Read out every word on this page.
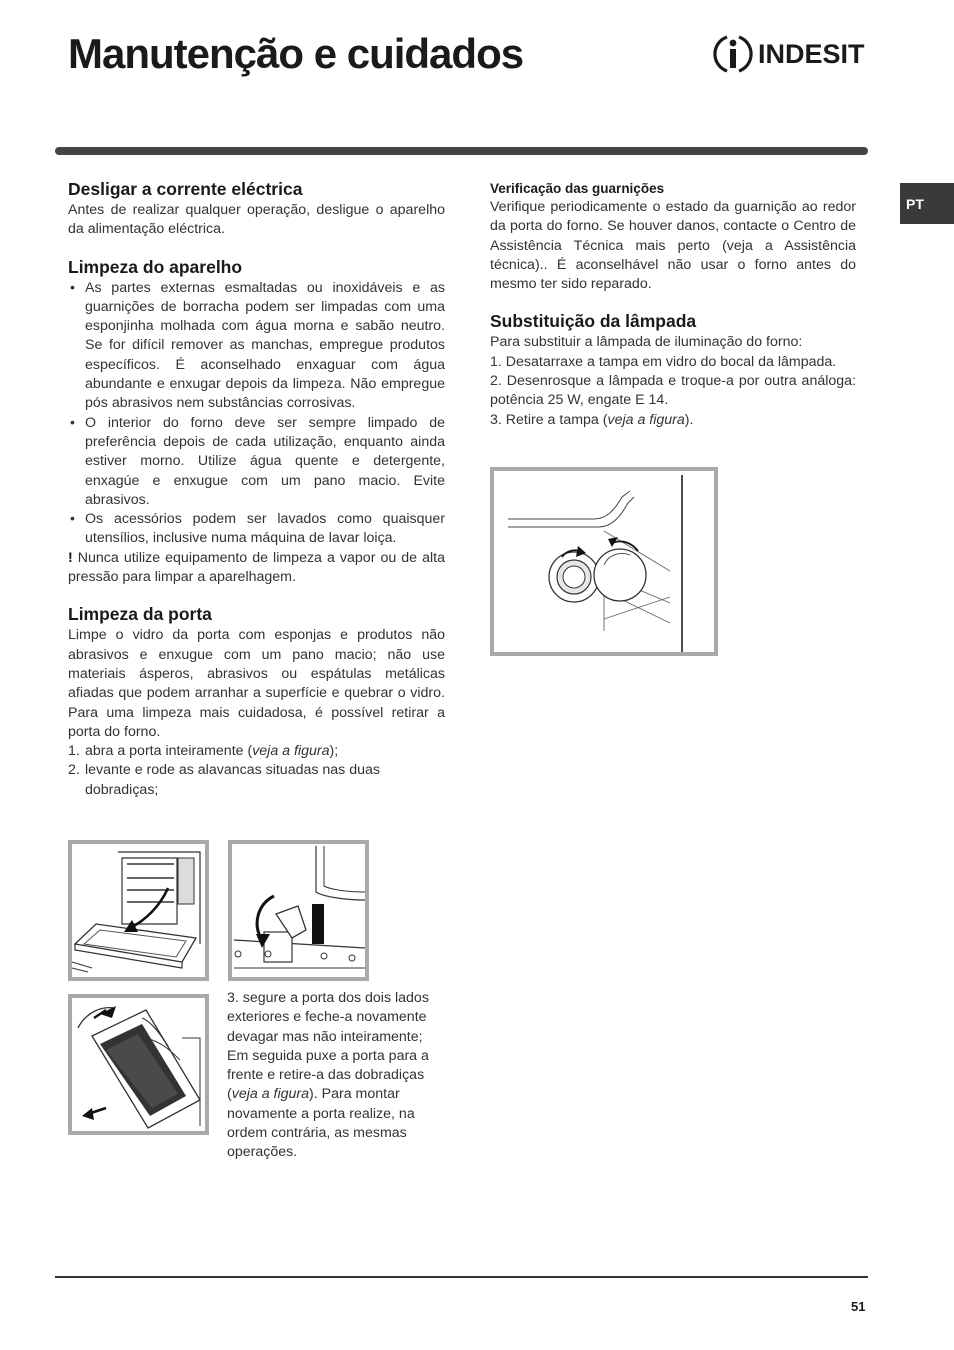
Manutenção e cuidados	INDESIT
PT
Desligar a corrente eléctrica

Antes de realizar qualquer operação, desligue o aparelho da alimentação eléctrica.

Limpeza do aparelho
• As partes externas esmaltadas ou inoxidáveis e as guarnições de borracha podem ser limpadas com uma esponjinha molhada com água morna e sabão neutro. Se for difícil remover as manchas, empregue produtos específicos. É aconselhado enxaguar com água abundante e enxugar depois da limpeza. Não empregue pós abrasivos nem substâncias corrosivas.
• O interior do forno deve ser sempre limpado de preferência depois de cada utilização, enquanto ainda estiver morno. Utilize água quente e detergente, enxagúe e enxugue com um pano macio. Evite abrasivos.
• Os acessórios podem ser lavados como quaisquer utensílios, inclusive numa máquina de lavar loiça.

! Nunca utilize equipamento de limpeza a vapor ou de alta pressão para limpar a aparelhagem.

Limpeza da porta

Limpe o vidro da porta com esponjas e produtos não abrasivos e enxugue com um pano macio; não use materiais ásperos, abrasivos ou espátulas metálicas afiadas que podem arranhar a superfície e quebrar o vidro. Para uma limpeza mais cuidadosa, é possível retirar a porta do forno.

1. abra a porta inteiramente (veja a figura);
2. levante e rode as alavancas situadas nas duas dobradiças;
3. segure a porta dos dois lados exteriores e feche-a novamente devagar mas não inteiramente; Em seguida puxe a porta para a frente e retire-a das dobradiças (veja a figura). Para montar novamente a porta realize, na ordem contrária, as mesmas operações.
Verificação das guarnições

Verifique periodicamente o estado da guarnição ao redor da porta do forno. Se houver danos, contacte o Centro de Assistência Técnica mais perto (veja a Assistência técnica).. É aconselhável não usar o forno antes do mesmo ter sido reparado.

Substituição da lâmpada

Para substituir a lâmpada de iluminação do forno:

1. Desatarraxe a tampa em vidro do bocal da lâmpada.

2. Desenrosque a lâmpada e troque-a por outra análoga: potência 25 W, engate E 14.

3. Retire a tampa (veja a figura).

51
